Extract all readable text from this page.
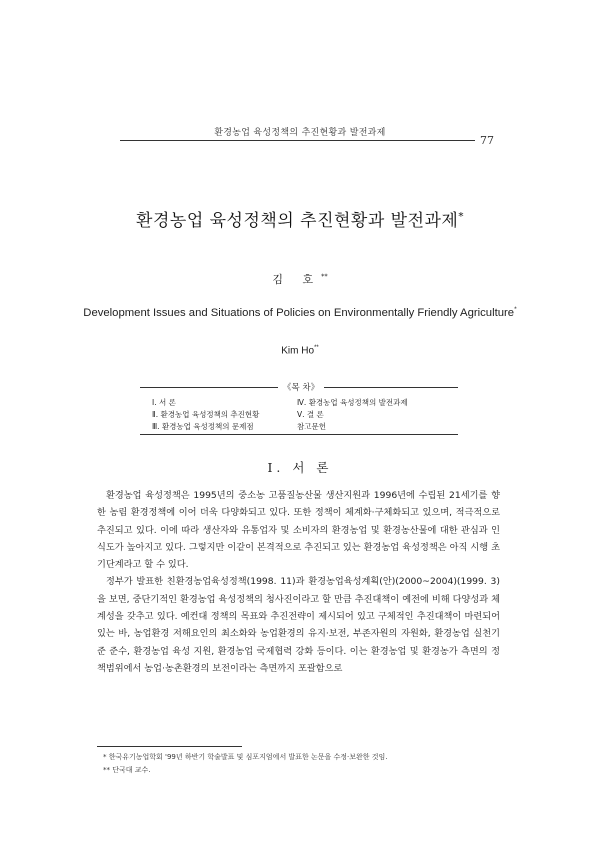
환경농업 육성정책의 추진현황과 발전과제
77
환경농업 육성정책의 추진현황과 발전과제*
김 호**
Development Issues and Situations of Policies on Environmentally Friendly Agriculture*
Kim Ho**
《목 차》
Ⅰ. 서 론
Ⅱ. 환경농업 육성정책의 추진현황
Ⅲ. 환경농업 육성정책의 문제점
Ⅳ. 환경농업 육성정책의 발전과제
Ⅴ. 결 론
참고문헌
Ⅰ. 서 론

환경농업 육성정책은 1995년의 중소농 고품질농산물 생산지원과 1996년에 수립된 21세기를 향한 농림 환경정책에 이어 더욱 다양화되고 있다. 또한 정책이 체계화·구체화되고 있으며, 적극적으로 추진되고 있다. 이에 따라 생산자와 유통업자 및 소비자의 환경농업 및 환경농산물에 대한 관심과 인식도가 높아지고 있다. 그렇지만 이같이 본격적으로 추진되고 있는 환경농업 육성정책은 아직 시행 초기단계라고 할 수 있다.

정부가 발표한 친환경농업육성정책(1998. 11)과 환경농업육성계획(안)(2000~2004)(1999. 3)을 보면, 중단기적인 환경농업 육성정책의 청사진이라고 할 만큼 추진대책이 예전에 비해 다양성과 체계성을 갖추고 있다. 예컨대 정책의 목표와 추진전략이 제시되어 있고 구체적인 추진대책이 마련되어 있는 바, 농업환경 저해요인의 최소화와 농업환경의 유지·보전, 부존자원의 자원화, 환경농업 실천기준 준수, 환경농업 육성 지원, 환경농업 국제협력 강화 등이다. 이는 환경농업 및 환경농가 측면의 정책범위에서 농업·농촌환경의 보전이라는 측면까지 포괄함으로

* 한국유기농업학회 '99년 하반기 학술발표 및 심포지엄에서 발표한 논문을 수정·보완한 것임.
** 단국대 교수.
